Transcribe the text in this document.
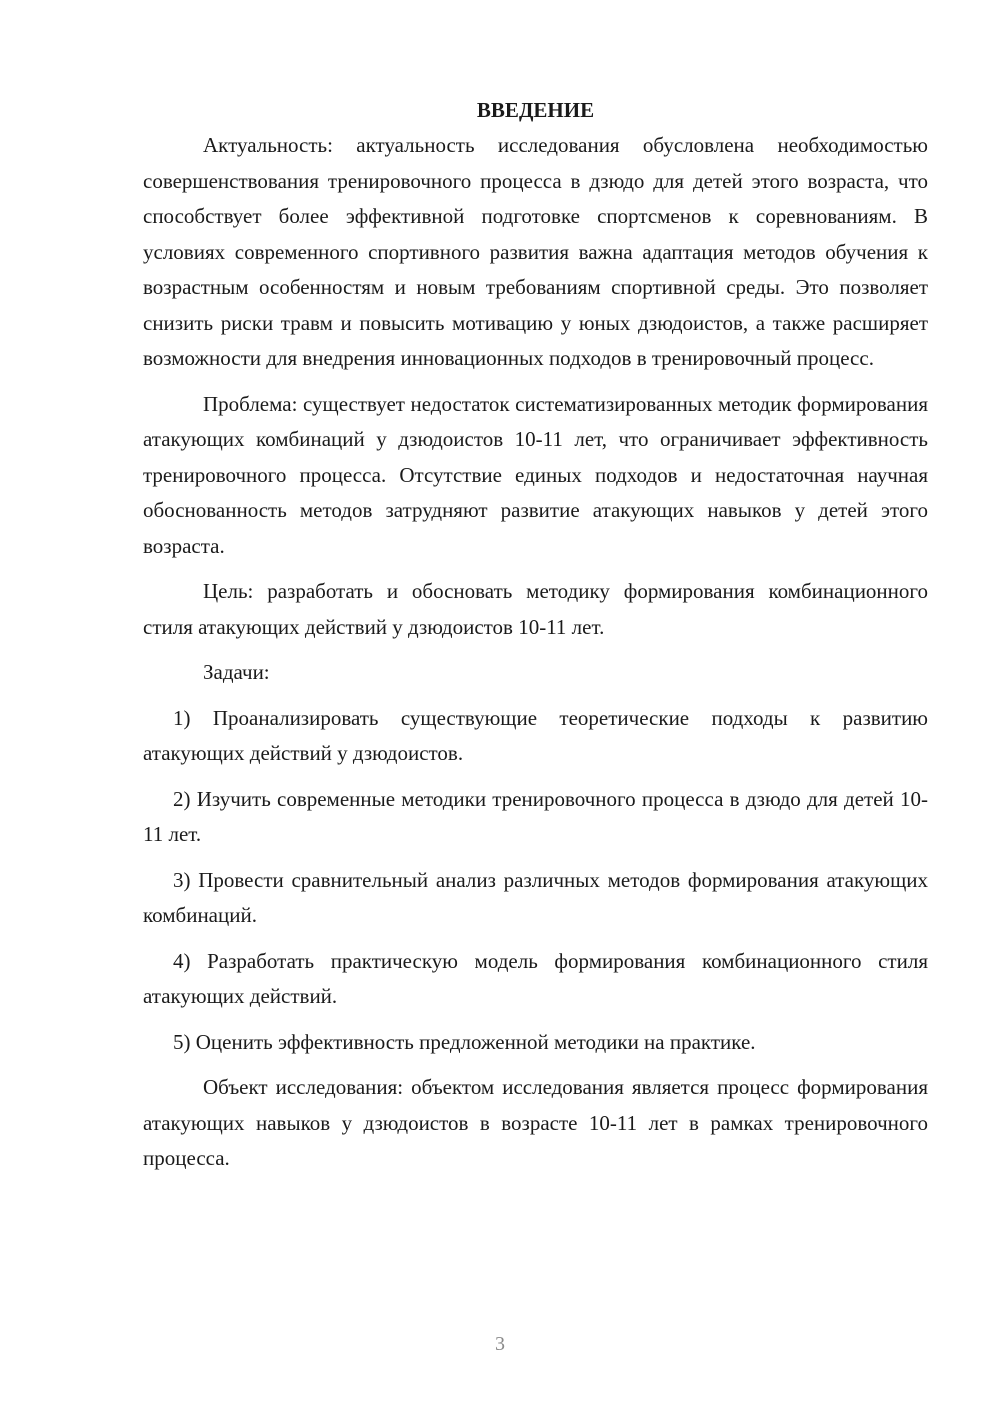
ВВЕДЕНИЕ

Актуальность: актуальность исследования обусловлена необходимостью совершенствования тренировочного процесса в дзюдо для детей этого возраста, что способствует более эффективной подготовке спортсменов к соревнованиям. В условиях современного спортивного развития важна адаптация методов обучения к возрастным особенностям и новым требованиям спортивной среды. Это позволяет снизить риски травм и повысить мотивацию у юных дзюдоистов, а также расширяет возможности для внедрения инновационных подходов в тренировочный процесс.

Проблема: существует недостаток систематизированных методик формирования атакующих комбинаций у дзюдоистов 10-11 лет, что ограничивает эффективность тренировочного процесса. Отсутствие единых подходов и недостаточная научная обоснованность методов затрудняют развитие атакующих навыков у детей этого возраста.

Цель: разработать и обосновать методику формирования комбинационного стиля атакующих действий у дзюдоистов 10-11 лет.

Задачи:

1) Проанализировать существующие теоретические подходы к развитию атакующих действий у дзюдоистов.

2) Изучить современные методики тренировочного процесса в дзюдо для детей 10-11 лет.

3) Провести сравнительный анализ различных методов формирования атакующих комбинаций.

4) Разработать практическую модель формирования комбинационного стиля атакующих действий.

5) Оценить эффективность предложенной методики на практике.

Объект исследования: объектом исследования является процесс формирования атакующих навыков у дзюдоистов в возрасте 10-11 лет в рамках тренировочного процесса.

3
